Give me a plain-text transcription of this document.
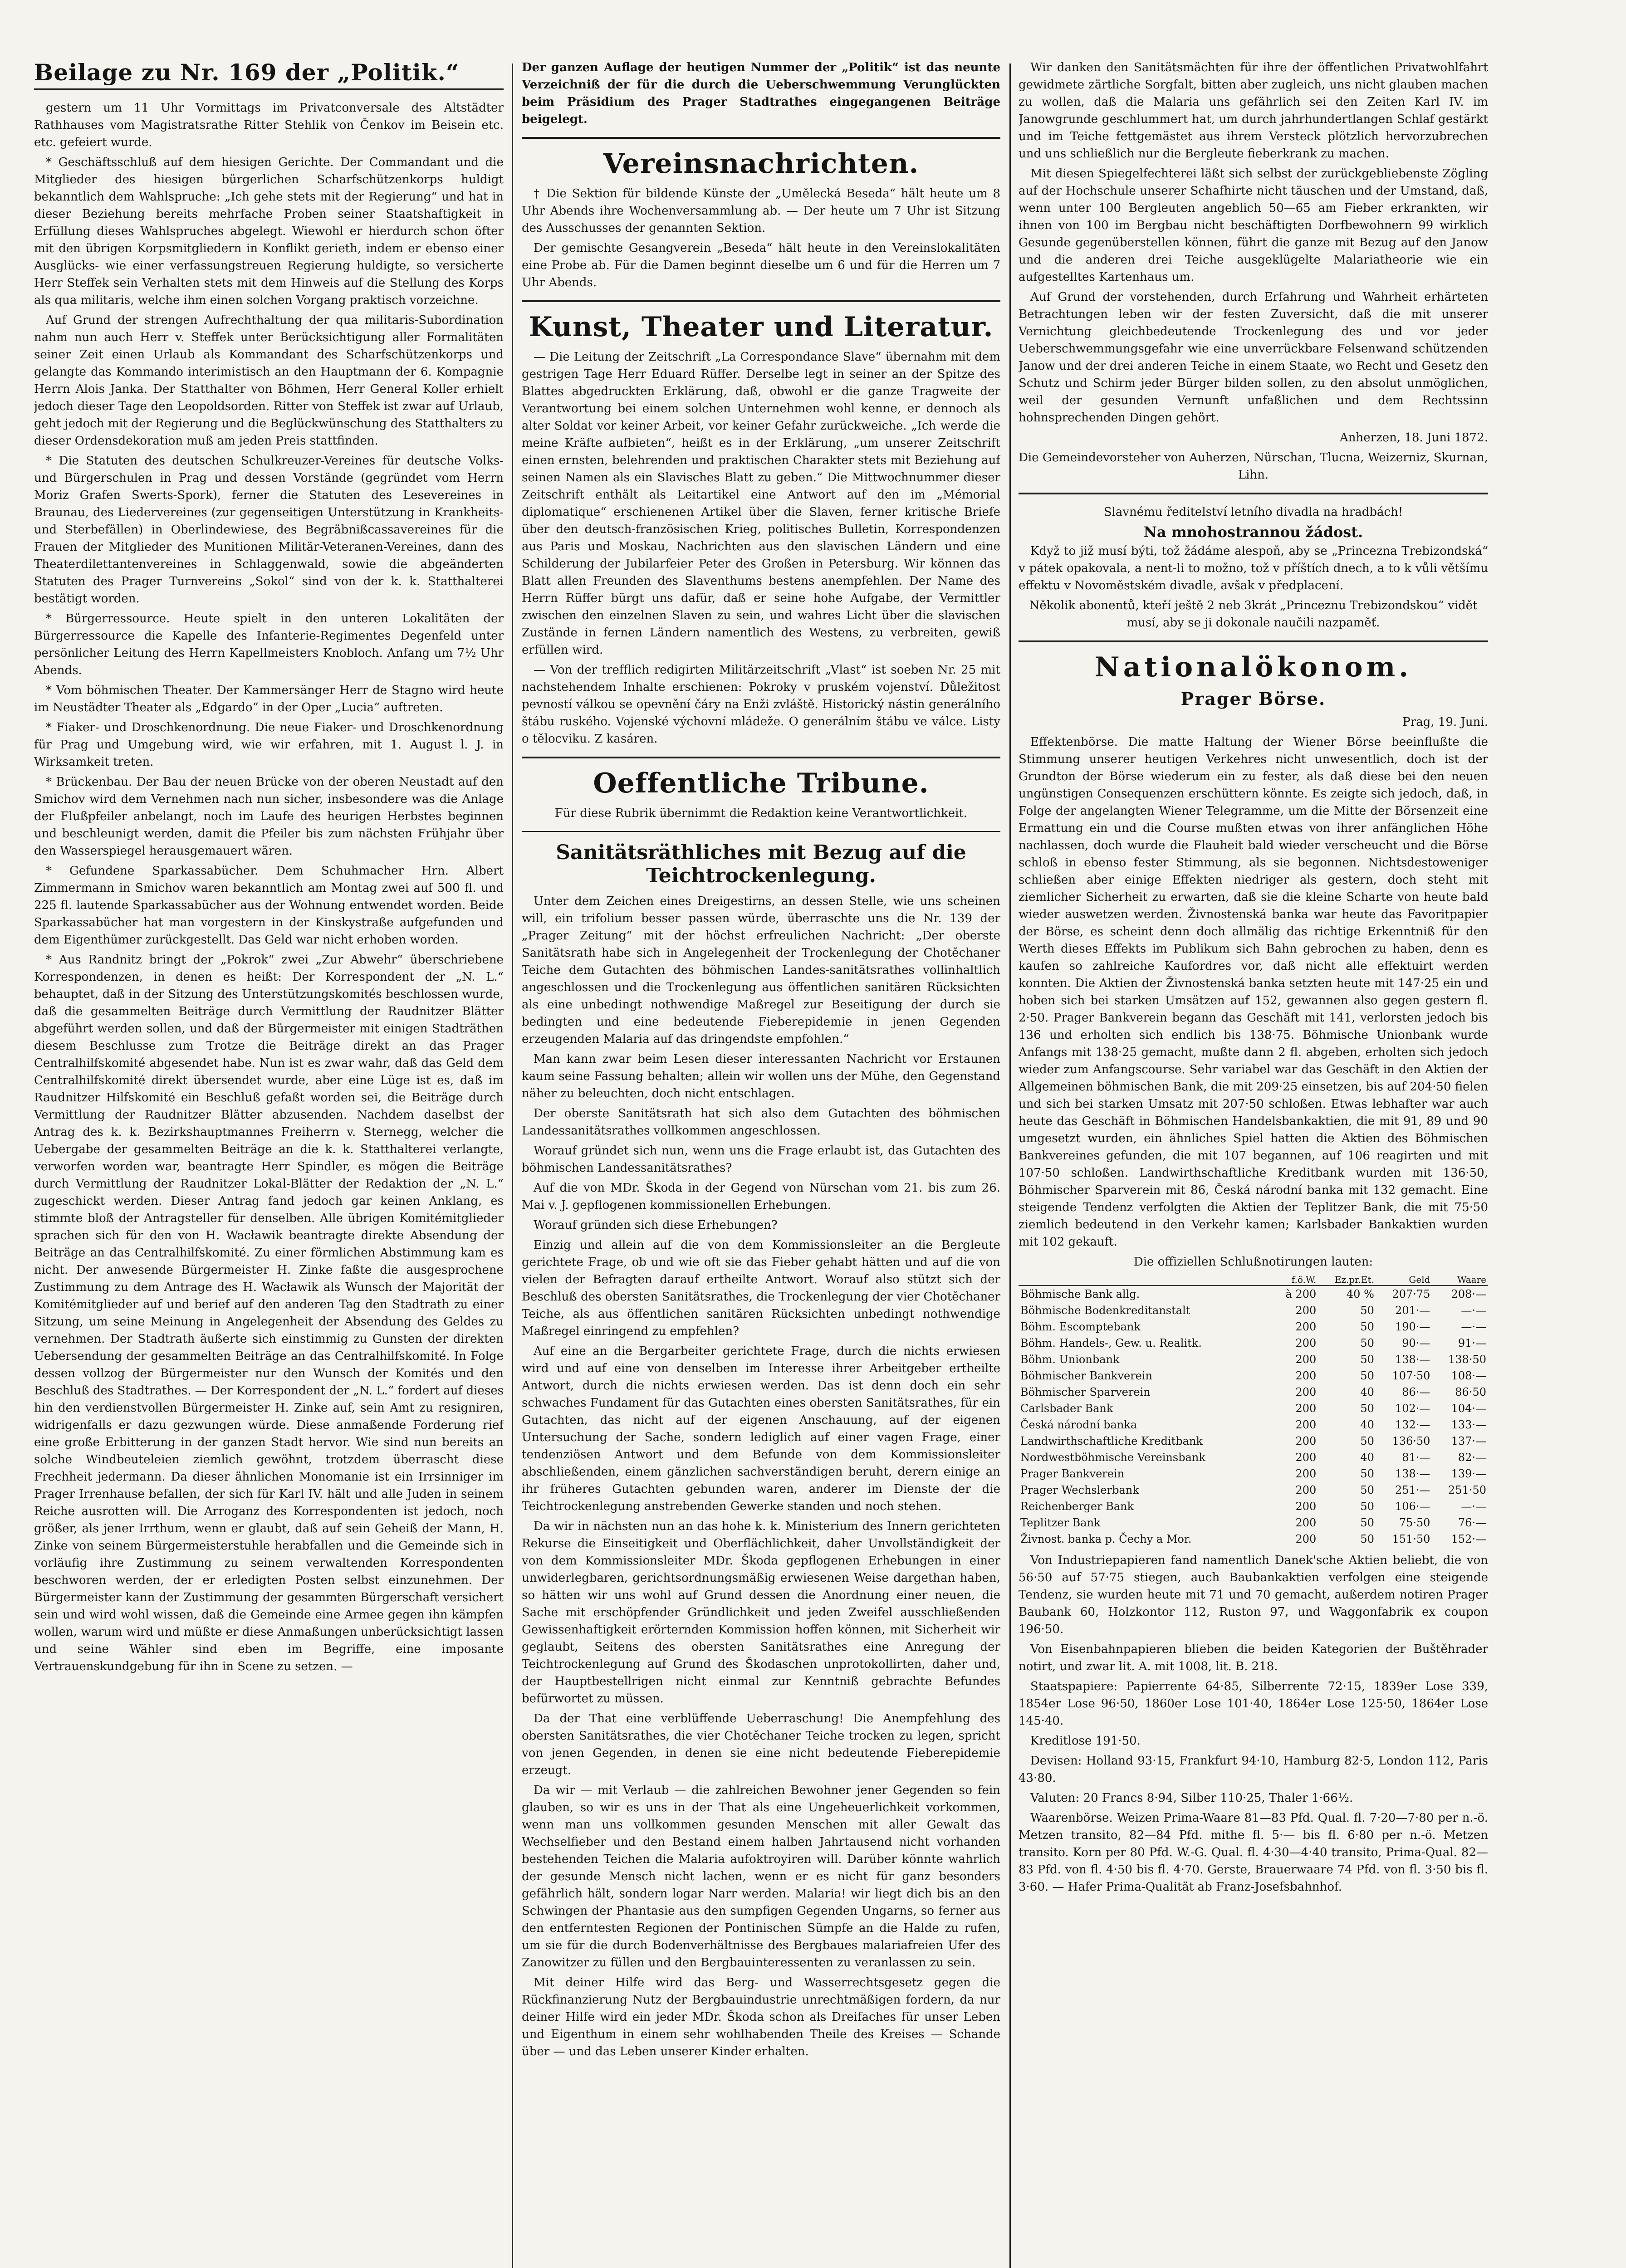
Beilage zu Nr. 169 der „Politik.“

gestern um 11 Uhr Vormittags im Privatconversale des Altstädter Rathhauses vom Magistratsrathe Ritter Stehlik von Čenkov im Beisein etc. etc. gefeiert wurde.

* Geschäftsschluß auf dem hiesigen Gerichte. Der Commandant und die Mitglieder des hiesigen bürgerlichen Scharfschützenkorps huldigt bekanntlich dem Wahlspruche: „Ich gehe stets mit der Regierung“ und hat in dieser Beziehung bereits mehrfache Proben seiner Staatshaftigkeit in Erfüllung dieses Wahlspruches abgelegt. Wiewohl er hierdurch schon öfter mit den übrigen Korpsmitgliedern in Konflikt gerieth, indem er ebenso einer Ausglücks- wie einer verfassungstreuen Regierung huldigte, so versicherte Herr Steffek sein Verhalten stets mit dem Hinweis auf die Stellung des Korps als qua militaris, welche ihm einen solchen Vorgang praktisch vorzeichne.

Auf Grund der strengen Aufrechthaltung der qua militaris-Subordination nahm nun auch Herr v. Steffek unter Berücksichtigung aller Formalitäten seiner Zeit einen Urlaub als Kommandant des Scharfschützenkorps und gelangte das Kommando interimistisch an den Hauptmann der 6. Kompagnie Herrn Alois Janka. Der Statthalter von Böhmen, Herr General Koller erhielt jedoch dieser Tage den Leopoldsorden. Ritter von Steffek ist zwar auf Urlaub, geht jedoch mit der Regierung und die Beglückwünschung des Statthalters zu dieser Ordensdekoration muß am jeden Preis stattfinden.

* Die Statuten des deutschen Schulkreuzer-Vereines für deutsche Volks- und Bürgerschulen in Prag und dessen Vorstände (gegründet vom Herrn Moriz Grafen Swerts-Spork), ferner die Statuten des Lesevereines in Braunau, des Liedervereines (zur gegenseitigen Unterstützung in Krankheits- und Sterbefällen) in Oberlindewiese, des Begräbnißcassavereines für die Frauen der Mitglieder des Munitionen Militär-Veteranen-Vereines, dann des Theaterdilettantenvereines in Schlaggenwald, sowie die abgeänderten Statuten des Prager Turnvereins „Sokol“ sind von der k. k. Statthalterei bestätigt worden.

* Bürgerressource. Heute spielt in den unteren Lokalitäten der Bürgerressource die Kapelle des Infanterie-Regimentes Degenfeld unter persönlicher Leitung des Herrn Kapellmeisters Knobloch. Anfang um 7½ Uhr Abends.

* Vom böhmischen Theater. Der Kammersänger Herr de Stagno wird heute im Neustädter Theater als „Edgardo“ in der Oper „Lucia“ auftreten.

* Fiaker- und Droschkenordnung. Die neue Fiaker- und Droschkenordnung für Prag und Umgebung wird, wie wir erfahren, mit 1. August l. J. in Wirksamkeit treten.

* Brückenbau. Der Bau der neuen Brücke von der oberen Neustadt auf den Smichov wird dem Vernehmen nach nun sicher, insbesondere was die Anlage der Flußpfeiler anbelangt, noch im Laufe des heurigen Herbstes beginnen und beschleunigt werden, damit die Pfeiler bis zum nächsten Frühjahr über den Wasserspiegel herausgemauert wären.

* Gefundene Sparkassabücher. Dem Schuhmacher Hrn. Albert Zimmermann in Smichov waren bekanntlich am Montag zwei auf 500 fl. und 225 fl. lautende Sparkassabücher aus der Wohnung entwendet worden. Beide Sparkassabücher hat man vorgestern in der Kinskystraße aufgefunden und dem Eigenthümer zurückgestellt. Das Geld war nicht erhoben worden.

* Aus Randnitz bringt der „Pokrok“ zwei „Zur Abwehr“ überschriebene Korrespondenzen, in denen es heißt: Der Korrespondent der „N. L.“ behauptet, daß in der Sitzung des Unterstützungskomités beschlossen wurde, daß die gesammelten Beiträge durch Vermittlung der Raudnitzer Blätter abgeführt werden sollen, und daß der Bürgermeister mit einigen Stadträthen diesem Beschlusse zum Trotze die Beiträge direkt an das Prager Centralhilfskomité abgesendet habe. Nun ist es zwar wahr, daß das Geld dem Centralhilfskomité direkt übersendet wurde, aber eine Lüge ist es, daß im Raudnitzer Hilfskomité ein Beschluß gefaßt worden sei, die Beiträge durch Vermittlung der Raudnitzer Blätter abzusenden. Nachdem daselbst der Antrag des k. k. Bezirkshauptmannes Freiherrn v. Sternegg, welcher die Uebergabe der gesammelten Beiträge an die k. k. Statthalterei verlangte, verworfen worden war, beantragte Herr Spindler, es mögen die Beiträge durch Vermittlung der Raudnitzer Lokal-Blätter der Redaktion der „N. L.“ zugeschickt werden. Dieser Antrag fand jedoch gar keinen Anklang, es stimmte bloß der Antragsteller für denselben. Alle übrigen Komitémitglieder sprachen sich für den von H. Wacławik beantragte direkte Absendung der Beiträge an das Centralhilfskomité. Zu einer förmlichen Abstimmung kam es nicht. Der anwesende Bürgermeister H. Zinke faßte die ausgesprochene Zustimmung zu dem Antrage des H. Wacławik als Wunsch der Majorität der Komitémitglieder auf und berief auf den anderen Tag den Stadtrath zu einer Sitzung, um seine Meinung in Angelegenheit der Absendung des Geldes zu vernehmen. Der Stadtrath äußerte sich einstimmig zu Gunsten der direkten Uebersendung der gesammelten Beiträge an das Centralhilfskomité. In Folge dessen vollzog der Bürgermeister nur den Wunsch der Komités und den Beschluß des Stadtrathes. — Der Korrespondent der „N. L.“ fordert auf dieses hin den verdienstvollen Bürgermeister H. Zinke auf, sein Amt zu resigniren, widrigenfalls er dazu gezwungen würde. Diese anmaßende Forderung rief eine große Erbitterung in der ganzen Stadt hervor. Wie sind nun bereits an solche Windbeuteleien ziemlich gewöhnt, trotzdem überrascht diese Frechheit jedermann. Da dieser ähnlichen Monomanie ist ein Irrsinniger im Prager Irrenhause befallen, der sich für Karl IV. hält und alle Juden in seinem Reiche ausrotten will. Die Arroganz des Korrespondenten ist jedoch, noch größer, als jener Irrthum, wenn er glaubt, daß auf sein Geheiß der Mann, H. Zinke von seinem Bürgermeisterstuhle herabfallen und die Gemeinde sich in vorläufig ihre Zustimmung zu seinem verwaltenden Korrespondenten beschworen werden, der er erledigten Posten selbst einzunehmen. Der Bürgermeister kann der Zustimmung der gesammten Bürgerschaft versichert sein und wird wohl wissen, daß die Gemeinde eine Armee gegen ihn kämpfen wollen, warum wird und müßte er diese Anmaßungen unberücksichtigt lassen und seine Wähler sind eben im Begriffe, eine imposante Vertrauenskundgebung für ihn in Scene zu setzen. —

Der ganzen Auflage der heutigen Nummer der „Politik“ ist das neunte Verzeichniß der für die durch die Ueberschwemmung Verunglückten beim Präsidium des Prager Stadtrathes eingegangenen Beiträge beigelegt.

Vereinsnachrichten.

† Die Sektion für bildende Künste der „Umělecká Beseda“ hält heute um 8 Uhr Abends ihre Wochenversammlung ab. — Der heute um 7 Uhr ist Sitzung des Ausschusses der genannten Sektion.

Der gemischte Gesangverein „Beseda“ hält heute in den Vereinslokalitäten eine Probe ab. Für die Damen beginnt dieselbe um 6 und für die Herren um 7 Uhr Abends.

Kunst, Theater und Literatur.

— Die Leitung der Zeitschrift „La Correspondance Slave“ übernahm mit dem gestrigen Tage Herr Eduard Rüffer. Derselbe legt in seiner an der Spitze des Blattes abgedruckten Erklärung, daß, obwohl er die ganze Tragweite der Verantwortung bei einem solchen Unternehmen wohl kenne, er dennoch als alter Soldat vor keiner Arbeit, vor keiner Gefahr zurückweiche. „Ich werde die meine Kräfte aufbieten“, heißt es in der Erklärung, „um unserer Zeitschrift einen ernsten, belehrenden und praktischen Charakter stets mit Beziehung auf seinen Namen als ein Slavisches Blatt zu geben.“ Die Mittwochnummer dieser Zeitschrift enthält als Leitartikel eine Antwort auf den im „Mémorial diplomatique“ erschienenen Artikel über die Slaven, ferner kritische Briefe über den deutsch-französischen Krieg, politisches Bulletin, Korrespondenzen aus Paris und Moskau, Nachrichten aus den slavischen Ländern und eine Schilderung der Jubilarfeier Peter des Großen in Petersburg. Wir können das Blatt allen Freunden des Slaventhums bestens anempfehlen. Der Name des Herrn Rüffer bürgt uns dafür, daß er seine hohe Aufgabe, der Vermittler zwischen den einzelnen Slaven zu sein, und wahres Licht über die slavischen Zustände in fernen Ländern namentlich des Westens, zu verbreiten, gewiß erfüllen wird.

— Von der trefflich redigirten Militärzeitschrift „Vlast“ ist soeben Nr. 25 mit nachstehendem Inhalte erschienen: Pokroky v pruském vojenství. Důležitost pevností válkou se opevnění čáry na Enži zvláště. Historický nástin generálního štábu ruského. Vojenské výchovní mládeže. O generálním štábu ve válce. Listy o tělocviku. Z kasáren.

Oeffentliche Tribune.

Für diese Rubrik übernimmt die Redaktion keine Verantwortlichkeit.

Sanitätsräthliches mit Bezug auf die Teichtrockenlegung.

Unter dem Zeichen eines Dreigestirns, an dessen Stelle, wie uns scheinen will, ein trifolium besser passen würde, überraschte uns die Nr. 139 der „Prager Zeitung“ mit der höchst erfreulichen Nachricht: „Der oberste Sanitätsrath habe sich in Angelegenheit der Trockenlegung der Chotěchaner Teiche dem Gutachten des böhmischen Landes-sanitätsrathes vollinhaltlich angeschlossen und die Trockenlegung aus öffentlichen sanitären Rücksichten als eine unbedingt nothwendige Maßregel zur Beseitigung der durch sie bedingten und eine bedeutende Fieberepidemie in jenen Gegenden erzeugenden Malaria auf das dringendste empfohlen.“

Man kann zwar beim Lesen dieser interessanten Nachricht vor Erstaunen kaum seine Fassung behalten; allein wir wollen uns der Mühe, den Gegenstand näher zu beleuchten, doch nicht entschlagen.

Der oberste Sanitätsrath hat sich also dem Gutachten des böhmischen Landessanitätsrathes vollkommen angeschlossen.

Worauf gründet sich nun, wenn uns die Frage erlaubt ist, das Gutachten des böhmischen Landessanitätsrathes?

Auf die von MDr. Škoda in der Gegend von Nürschan vom 21. bis zum 26. Mai v. J. gepflogenen kommissionellen Erhebungen.

Worauf gründen sich diese Erhebungen?

Einzig und allein auf die von dem Kommissionsleiter an die Bergleute gerichtete Frage, ob und wie oft sie das Fieber gehabt hätten und auf die von vielen der Befragten darauf ertheilte Antwort. Worauf also stützt sich der Beschluß des obersten Sanitätsrathes, die Trockenlegung der vier Chotěchaner Teiche, als aus öffentlichen sanitären Rücksichten unbedingt nothwendige Maßregel einringend zu empfehlen?

Auf eine an die Bergarbeiter gerichtete Frage, durch die nichts erwiesen wird und auf eine von denselben im Interesse ihrer Arbeitgeber ertheilte Antwort, durch die nichts erwiesen werden. Das ist denn doch ein sehr schwaches Fundament für das Gutachten eines obersten Sanitätsrathes, für ein Gutachten, das nicht auf der eigenen Anschauung, auf der eigenen Untersuchung der Sache, sondern lediglich auf einer vagen Frage, einer tendenziösen Antwort und dem Befunde von dem Kommissionsleiter abschließenden, einem gänzlichen sachverständigen beruht, derern einige an ihr früheres Gutachten gebunden waren, anderer im Dienste der die Teichtrockenlegung anstrebenden Gewerke standen und noch stehen.

Da wir in nächsten nun an das hohe k. k. Ministerium des Innern gerichteten Rekurse die Einseitigkeit und Oberflächlichkeit, daher Unvollständigkeit der von dem Kommissionsleiter MDr. Škoda gepflogenen Erhebungen in einer unwiderlegbaren, gerichtsordnungsmäßig erwiesenen Weise dargethan haben, so hätten wir uns wohl auf Grund dessen die Anordnung einer neuen, die Sache mit erschöpfender Gründlichkeit und jeden Zweifel ausschließenden Gewissenhaftigkeit erörternden Kommission hoffen können, mit Sicherheit wir geglaubt, Seitens des obersten Sanitätsrathes eine Anregung der Teichtrockenlegung auf Grund des Škodaschen unprotokollirten, daher und, der Hauptbestellrigen nicht einmal zur Kenntniß gebrachte Befundes befürwortet zu müssen.

Da der That eine verblüffende Ueberraschung! Die Anempfehlung des obersten Sanitätsrathes, die vier Chotěchaner Teiche trocken zu legen, spricht von jenen Gegenden, in denen sie eine nicht bedeutende Fieberepidemie erzeugt.

Da wir — mit Verlaub — die zahlreichen Bewohner jener Gegenden so fein glauben, so wir es uns in der That als eine Ungeheuerlichkeit vorkommen, wenn man uns vollkommen gesunden Menschen mit aller Gewalt das Wechselfieber und den Bestand einem halben Jahrtausend nicht vorhanden bestehenden Teichen die Malaria aufoktroyiren will. Darüber könnte wahrlich der gesunde Mensch nicht lachen, wenn er es nicht für ganz besonders gefährlich hält, sondern logar Narr werden. Malaria! wir liegt dich bis an den Schwingen der Phantasie aus den sumpfigen Gegenden Ungarns, so ferner aus den entferntesten Regionen der Pontinischen Sümpfe an die Halde zu rufen, um sie für die durch Bodenverhältnisse des Bergbaues malariafreien Ufer des Zanowitzer zu füllen und den Bergbauinteressenten zu veranlassen zu sein.

Mit deiner Hilfe wird das Berg- und Wasserrechtsgesetz gegen die Rückfinanzierung Nutz der Bergbauindustrie unrechtmäßigen fordern, da nur deiner Hilfe wird ein jeder MDr. Škoda schon als Dreifaches für unser Leben und Eigenthum in einem sehr wohlhabenden Theile des Kreises — Schande über — und das Leben unserer Kinder erhalten.

Wir danken den Sanitätsmächten für ihre der öffentlichen Privatwohlfahrt gewidmete zärtliche Sorgfalt, bitten aber zugleich, uns nicht glauben machen zu wollen, daß die Malaria uns gefährlich sei den Zeiten Karl IV. im Janowgrunde geschlummert hat, um durch jahrhundertlangen Schlaf gestärkt und im Teiche fettgemästet aus ihrem Versteck plötzlich hervorzubrechen und uns schließlich nur die Bergleute fieberkrank zu machen.

Mit diesen Spiegelfechterei läßt sich selbst der zurückgebliebenste Zögling auf der Hochschule unserer Schafhirte nicht täuschen und der Umstand, daß, wenn unter 100 Bergleuten angeblich 50—65 am Fieber erkrankten, wir ihnen von 100 im Bergbau nicht beschäftigten Dorfbewohnern 99 wirklich Gesunde gegenüberstellen können, führt die ganze mit Bezug auf den Janow und die anderen drei Teiche ausgeklügelte Malariatheorie wie ein aufgestelltes Kartenhaus um.

Auf Grund der vorstehenden, durch Erfahrung und Wahrheit erhärteten Betrachtungen leben wir der festen Zuversicht, daß die mit unserer Vernichtung gleichbedeutende Trockenlegung des und vor jeder Ueberschwemmungsgefahr wie eine unverrückbare Felsenwand schützenden Janow und der drei anderen Teiche in einem Staate, wo Recht und Gesetz den Schutz und Schirm jeder Bürger bilden sollen, zu den absolut unmöglichen, weil der gesunden Vernunft unfaßlichen und dem Rechtssinn hohnsprechenden Dingen gehört.

Anherzen, 18. Juni 1872.

Die Gemeindevorsteher von Auherzen, Nürschan, Tlucna, Weizerniz, Skurnan, Lihn.

Slavnému ředitelství letního divadla na hradbách!

Na mnohostrannou žádost.

Když to již musí býti, tož žádáme alespoň, aby se „Princezna Trebizondská“ v pátek opakovala, a nent-li to možno, tož v příštích dnech, a to k vůli většímu effektu v Novoměstském divadle, avšak v předplacení.

Několik abonentů, kteří ještě 2 neb 3krát „Princeznu Trebizondskou“ vidět musí, aby se ji dokonale naučili nazpaměť.

Nationalökonom.
Prager Börse.

Prag, 19. Juni.

Effektenbörse. Die matte Haltung der Wiener Börse beeinflußte die Stimmung unserer heutigen Verkehres nicht unwesentlich, doch ist der Grundton der Börse wiederum ein zu fester, als daß diese bei den neuen ungünstigen Consequenzen erschüttern könnte. Es zeigte sich jedoch, daß, in Folge der angelangten Wiener Telegramme, um die Mitte der Börsenzeit eine Ermattung ein und die Course mußten etwas von ihrer anfänglichen Höhe nachlassen, doch wurde die Flauheit bald wieder verscheucht und die Börse schloß in ebenso fester Stimmung, als sie begonnen. Nichtsdestoweniger schließen aber einige Effekten niedriger als gestern, doch steht mit ziemlicher Sicherheit zu erwarten, daß sie die kleine Scharte von heute bald wieder auswetzen werden. Živnostenská banka war heute das Favoritpapier der Börse, es scheint denn doch allmälig das richtige Erkenntniß für den Werth dieses Effekts im Publikum sich Bahn gebrochen zu haben, denn es kaufen so zahlreiche Kaufordres vor, daß nicht alle effektuirt werden konnten. Die Aktien der Živnostenská banka setzten heute mit 147·25 ein und hoben sich bei starken Umsätzen auf 152, gewannen also gegen gestern fl. 2·50. Prager Bankverein begann das Geschäft mit 141, verlorsten jedoch bis 136 und erholten sich endlich bis 138·75. Böhmische Unionbank wurde Anfangs mit 138·25 gemacht, mußte dann 2 fl. abgeben, erholten sich jedoch wieder zum Anfangscourse. Sehr variabel war das Geschäft in den Aktien der Allgemeinen böhmischen Bank, die mit 209·25 einsetzen, bis auf 204·50 fielen und sich bei starken Umsatz mit 207·50 schloßen. Etwas lebhafter war auch heute das Geschäft in Böhmischen Handelsbankaktien, die mit 91, 89 und 90 umgesetzt wurden, ein ähnliches Spiel hatten die Aktien des Böhmischen Bankvereines gefunden, die mit 107 begannen, auf 106 reagirten und mit 107·50 schloßen. Landwirthschaftliche Kreditbank wurden mit 136·50, Böhmischer Sparverein mit 86, Česká národní banka mit 132 gemacht. Eine steigende Tendenz verfolgten die Aktien der Teplitzer Bank, die mit 75·50 ziemlich bedeutend in den Verkehr kamen; Karlsbader Bankaktien wurden mit 102 gekauft.

Die offiziellen Schlußnotirungen lauten:

	f.ö.W.	Ez.pr.Et.	Geld	Waare
Böhmische Bank allg.	à 200	40 %	207·75	208·—
Böhmische Bodenkreditanstalt	200	50	201·—	—·—
Böhm. Escomptebank	200	50	190·—	—·—
Böhm. Handels-, Gew. u. Realitk.	200	50	90·—	91·—
Böhm. Unionbank	200	50	138·—	138·50
Böhmischer Bankverein	200	50	107·50	108·—
Böhmischer Sparverein	200	40	86·—	86·50
Carlsbader Bank	200	50	102·—	104·—
Česká národní banka	200	40	132·—	133·—
Landwirthschaftliche Kreditbank	200	50	136·50	137·—
Nordwestböhmische Vereinsbank	200	40	81·—	82·—
Prager Bankverein	200	50	138·—	139·—
Prager Wechslerbank	200	50	251·—	251·50
Reichenberger Bank	200	50	106·—	—·—
Teplitzer Bank	200	50	75·50	76·—
Živnost. banka p. Čechy a Mor.	200	50	151·50	152·—

Von Industriepapieren fand namentlich Danek'sche Aktien beliebt, die von 56·50 auf 57·75 stiegen, auch Baubankaktien verfolgen eine steigende Tendenz, sie wurden heute mit 71 und 70 gemacht, außerdem notiren Prager Baubank 60, Holzkontor 112, Ruston 97, und Waggonfabrik ex coupon 196·50.

Von Eisenbahnpapieren blieben die beiden Kategorien der Buštěhrader notirt, und zwar lit. A. mit 1008, lit. B. 218.

Staatspapiere: Papierrente 64·85, Silberrente 72·15, 1839er Lose 339, 1854er Lose 96·50, 1860er Lose 101·40, 1864er Lose 125·50, 1864er Lose 145·40.

Kreditlose 191·50.

Devisen: Holland 93·15, Frankfurt 94·10, Hamburg 82·5, London 112, Paris 43·80.

Valuten: 20 Francs 8·94, Silber 110·25, Thaler 1·66½.

Waarenbörse. Weizen Prima-Waare 81—83 Pfd. Qual. fl. 7·20—7·80 per n.-ö. Metzen transito, 82—84 Pfd. mithe fl. 5·— bis fl. 6·80 per n.-ö. Metzen transito. Korn per 80 Pfd. W.-G. Qual. fl. 4·30—4·40 transito, Prima-Qual. 82—83 Pfd. von fl. 4·50 bis fl. 4·70. Gerste, Brauerwaare 74 Pfd. von fl. 3·50 bis fl. 3·60. — Hafer Prima-Qualität ab Franz-Josefsbahnhof.
